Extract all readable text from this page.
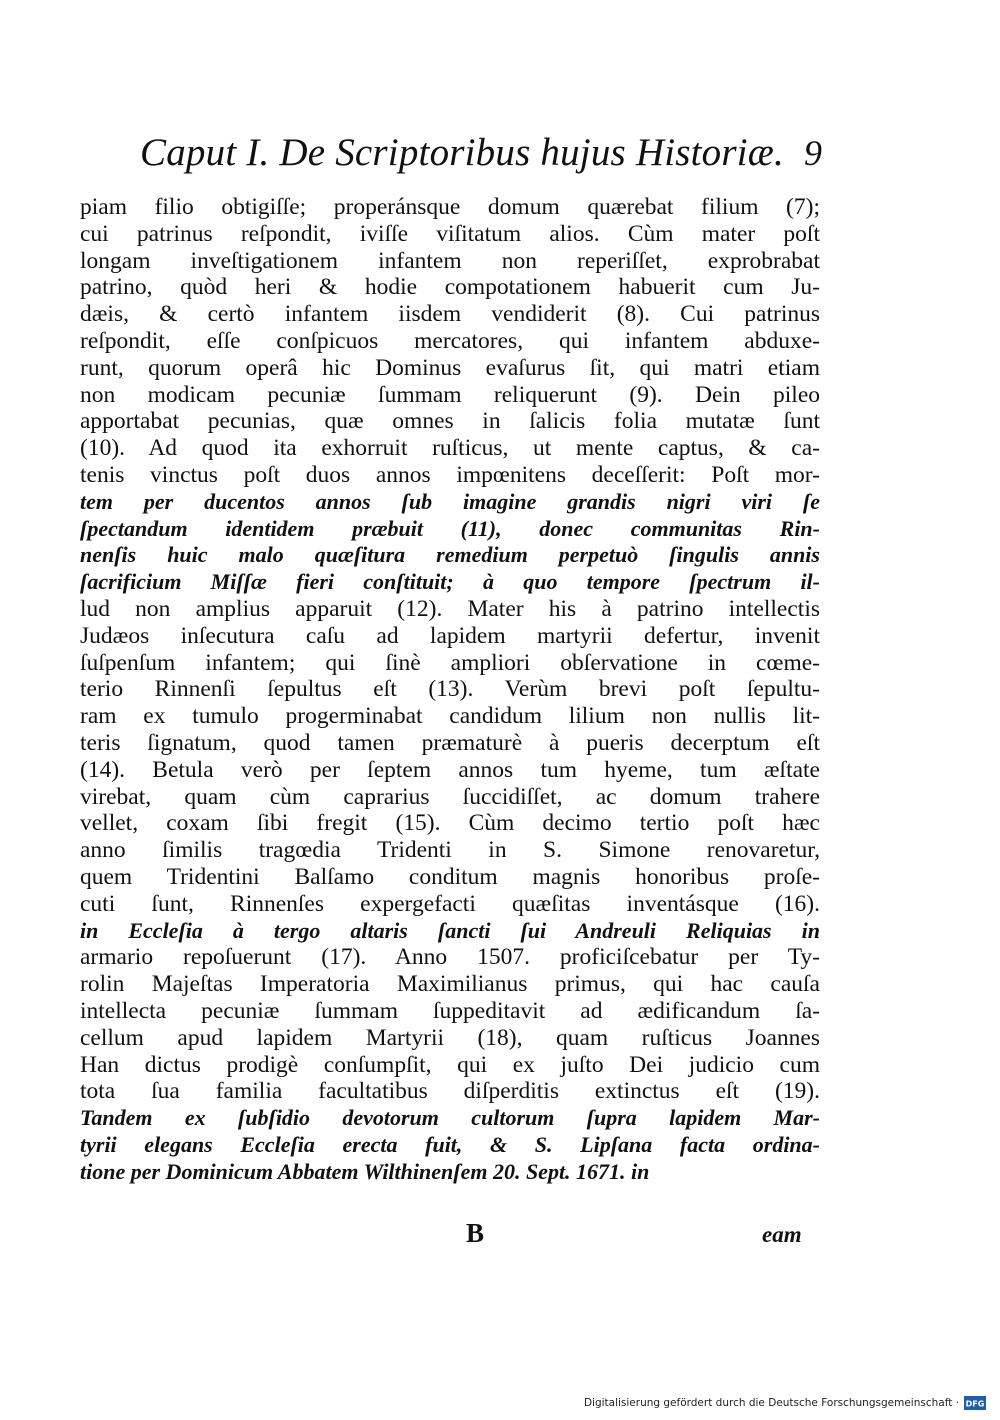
Caput I. De Scriptoribus hujus Historiæ. 9
piam filio obtigiſſe; properánsque domum quærebat filium (7);
cui patrinus reſpondit, iviſſe viſitatum alios. Cùm mater poſt
longam inveſtigationem infantem non reperiſſet, exprobrabat
patrino, quòd heri & hodie compotationem habuerit cum Ju-
dæis, & certò infantem iisdem vendiderit (8). Cui patrinus
reſpondit, eſſe conſpicuos mercatores, qui infantem abduxe-
runt, quorum operâ hic Dominus evaſurus ſit, qui matri etiam
non modicam pecuniæ ſummam reliquerunt (9). Dein pileo
apportabat pecunias, quæ omnes in ſalicis folia mutatæ ſunt
(10). Ad quod ita exhorruit ruſticus, ut mente captus, & ca-
tenis vinctus poſt duos annos impœnitens deceſſerit: Poſt mor-
tem per ducentos annos ſub imagine grandis nigri viri ſe
ſpectandum identidem præbuit (11), donec communitas Rin-
nenſis huic malo quæſitura remedium perpetuò ſingulis annis
ſacrificium Miſſæ fieri conſtituit; à quo tempore ſpectrum il-
lud non amplius apparuit (12). Mater his à patrino intellectis
Judæos inſecutura caſu ad lapidem martyrii defertur, invenit
ſuſpenſum infantem; qui ſinè ampliori obſervatione in cœme-
terio Rinnenſi ſepultus eſt (13). Verùm brevi poſt ſepultu-
ram ex tumulo progerminabat candidum lilium non nullis lit-
teris ſignatum, quod tamen præmaturè à pueris decerptum eſt
(14). Betula verò per ſeptem annos tum hyeme, tum æſtate
virebat, quam cùm caprarius ſuccidiſſet, ac domum trahere
vellet, coxam ſibi fregit (15). Cùm decimo tertio poſt hæc
anno ſimilis tragœdia Tridenti in S. Simone renovaretur,
quem Tridentini Balſamo conditum magnis honoribus proſe-
cuti ſunt, Rinnenſes expergefacti quæſitas inventásque (16).
in Eccleſia à tergo altaris ſancti ſui Andreuli Reliquias in
armario repoſuerunt (17). Anno 1507. proficiſcebatur per Ty-
rolin Majeſtas Imperatoria Maximilianus primus, qui hac cauſa
intellecta pecuniæ ſummam ſuppeditavit ad ædificandum ſa-
cellum apud lapidem Martyrii (18), quam ruſticus Joannes
Han dictus prodigè conſumpſit, qui ex juſto Dei judicio cum
tota ſua familia facultatibus diſperditis extinctus eſt (19).
Tandem ex ſubſidio devotorum cultorum ſupra lapidem Mar-
tyrii elegans Eccleſia erecta fuit, & S. Lipſana facta ordina-
tione per Dominicum Abbatem Wilthinenſem 20. Sept. 1671. in
B	eam
Digitalisierung gefördert durch die Deutsche Forschungsgemeinschaft · DFG
